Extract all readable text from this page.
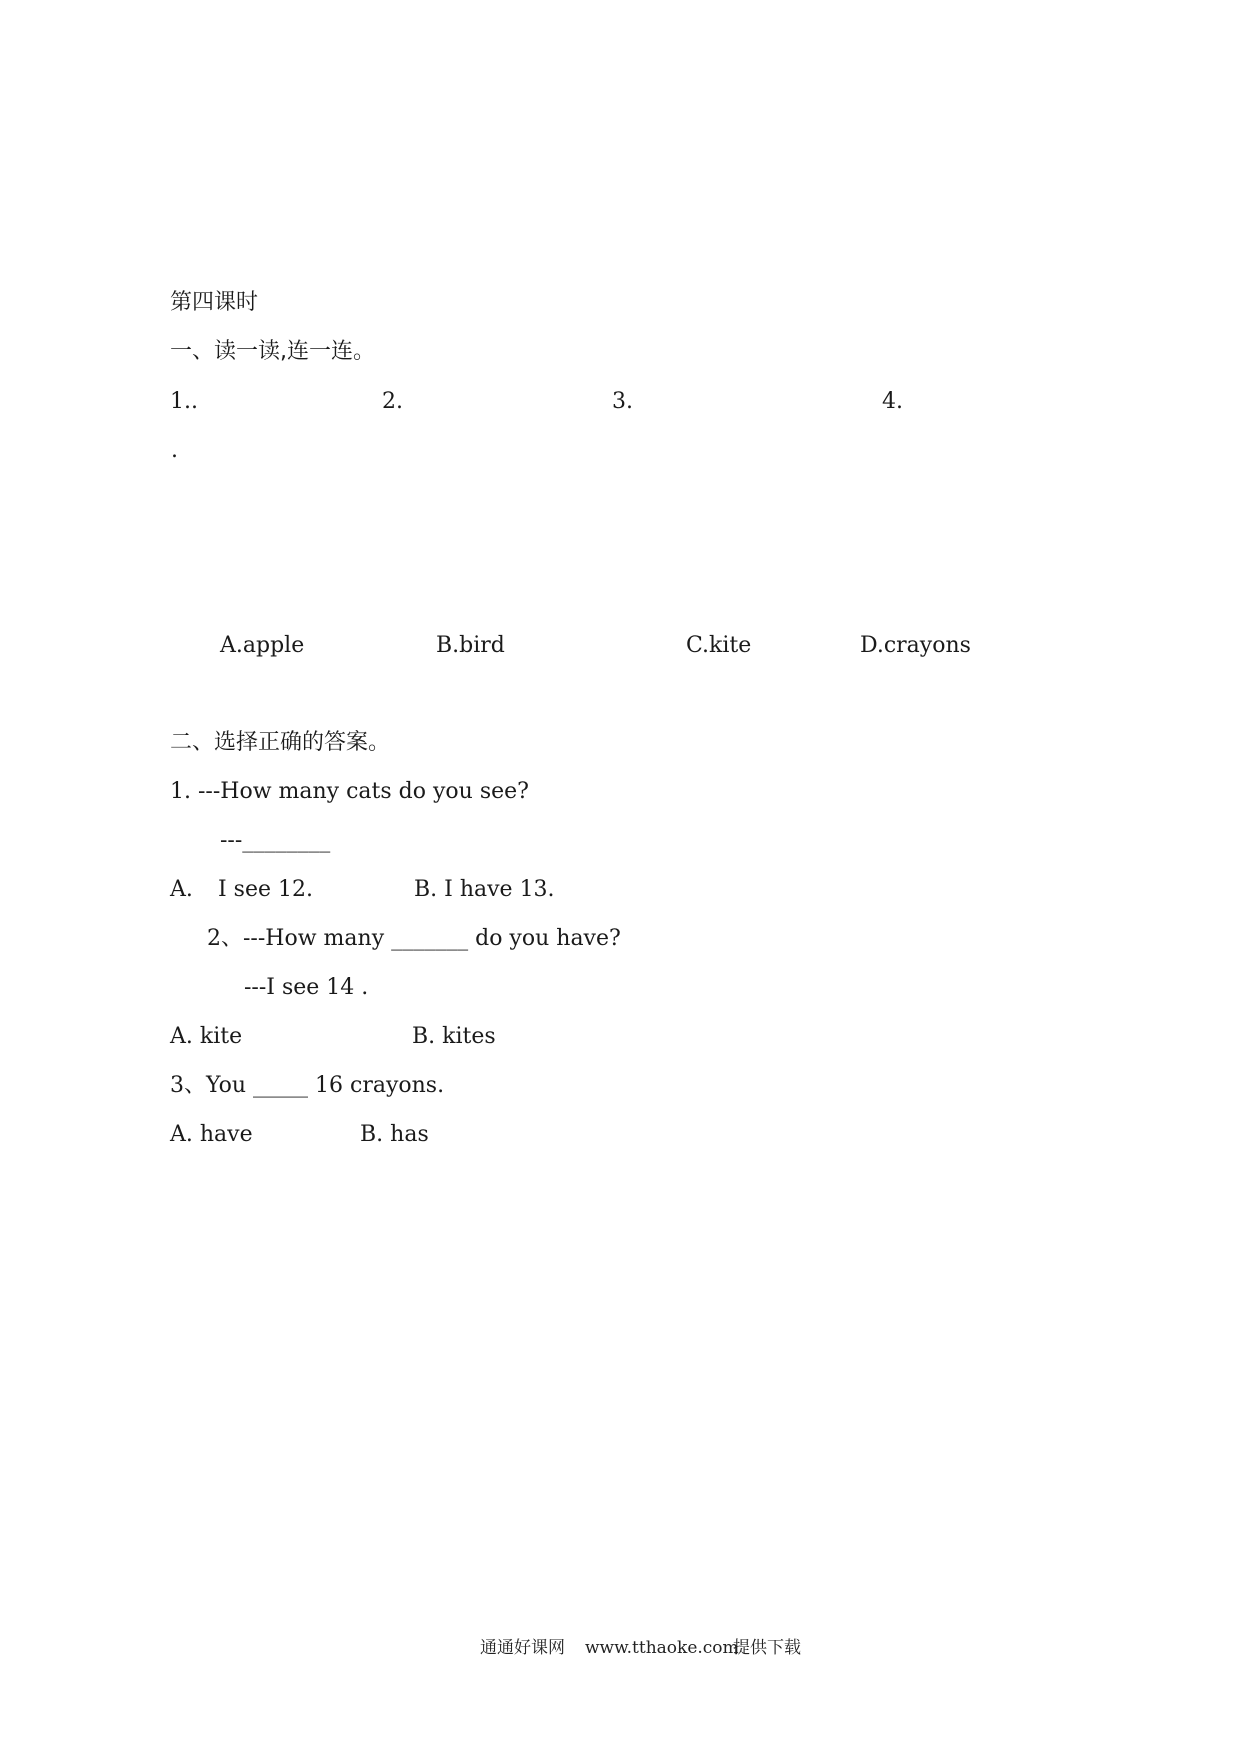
第四课时
一、读一读,连一连。
1..	2.	3.	4.
.
A.apple	B.bird	C.kite	D.crayons
二、选择正确的答案。
1. ---How many cats do you see?
---________
A. I see 12.	B. I have 13.
2、---How many _______ do you have?
---I see 14 .
A. kite	B. kites
3、You _____ 16 crayons.
A. have	B. has
通通好课网 www.tthaoke.com
提供下载
